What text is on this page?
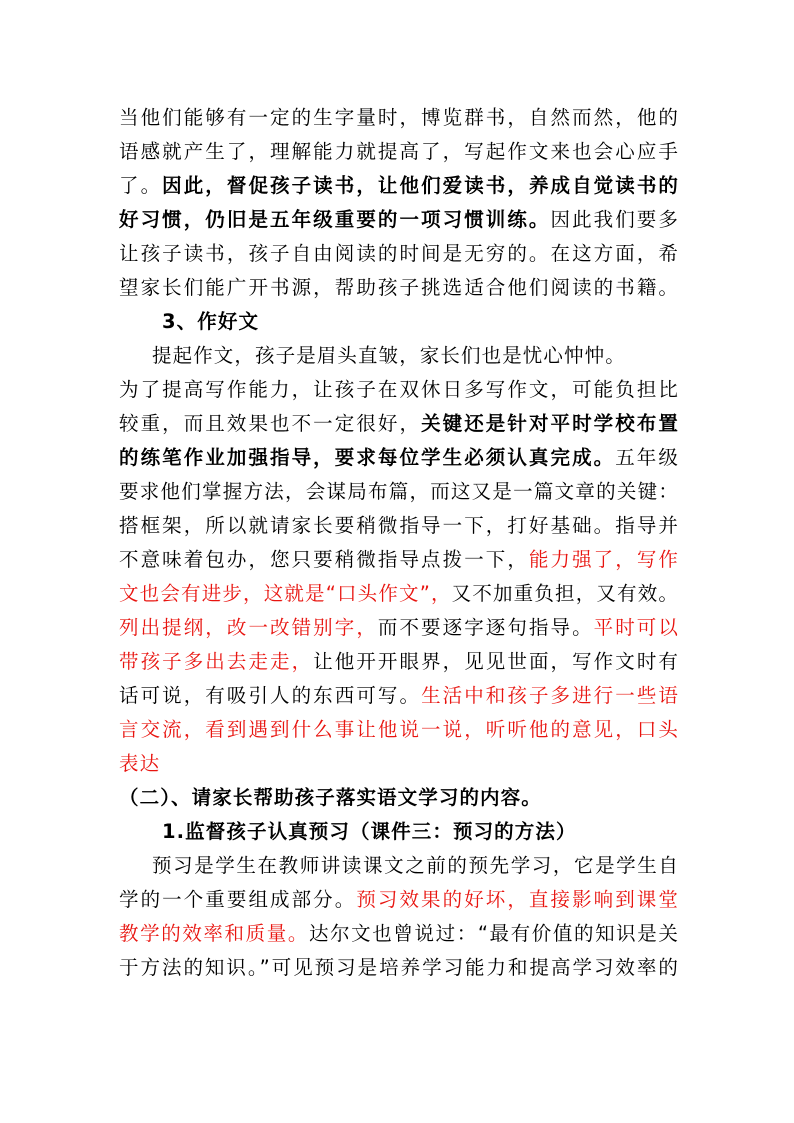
当他们能够有一定的生字量时，博览群书，自然而然，他的
语感就产生了，理解能力就提高了，写起作文来也会心应手
了。因此，督促孩子读书，让他们爱读书，养成自觉读书的
好习惯，仍旧是五年级重要的一项习惯训练。因此我们要多
让孩子读书，孩子自由阅读的时间是无穷的。在这方面，希
望家长们能广开书源，帮助孩子挑选适合他们阅读的书籍。
3、作好文
提起作文，孩子是眉头直皱，家长们也是忧心忡忡。
为了提高写作能力，让孩子在双休日多写作文，可能负担比
较重，而且效果也不一定很好，关键还是针对平时学校布置
的练笔作业加强指导，要求每位学生必须认真完成。五年级
要求他们掌握方法，会谋局布篇，而这又是一篇文章的关键：
搭框架，所以就请家长要稍微指导一下，打好基础。指导并
不意味着包办，您只要稍微指导点拨一下，能力强了，写作
文也会有进步，这就是“口头作文”，又不加重负担，又有效。
列出提纲，改一改错别字，而不要逐字逐句指导。平时可以
带孩子多出去走走，让他开开眼界，见见世面，写作文时有
话可说，有吸引人的东西可写。生活中和孩子多进行一些语
言交流，看到遇到什么事让他说一说，听听他的意见，口头
表达
（二）、请家长帮助孩子落实语文学习的内容。
1.监督孩子认真预习（课件三：预习的方法）
预习是学生在教师讲读课文之前的预先学习，它是学生自
学的一个重要组成部分。预习效果的好坏，直接影响到课堂
教学的效率和质量。达尔文也曾说过：“最有价值的知识是关
于方法的知识。”可见预习是培养学习能力和提高学习效率的
